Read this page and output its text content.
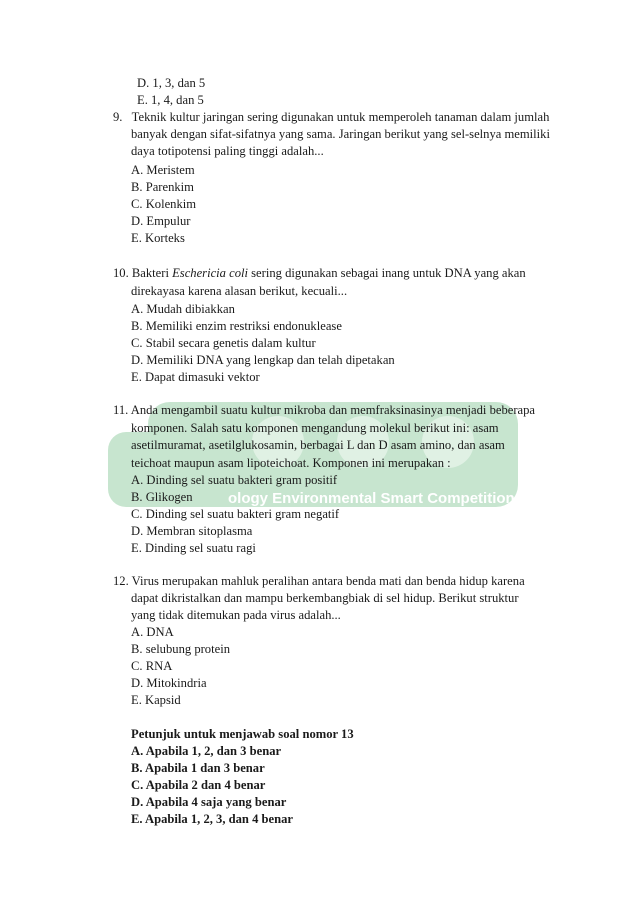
ology Environmental Smart Competition
D. 1, 3, dan 5
E. 1, 4, dan 5
9.   Teknik kultur jaringan sering digunakan untuk memperoleh tanaman dalam jumlah
banyak dengan sifat-sifatnya yang sama. Jaringan berikut yang sel-selnya memiliki
daya totipotensi paling tinggi adalah...
A. Meristem
B. Parenkim
C. Kolenkim
D. Empulur
E. Korteks
10. Bakteri Eschericia coli sering digunakan sebagai inang untuk DNA yang akan
direkayasa karena alasan berikut, kecuali...
A. Mudah dibiakkan
B. Memiliki enzim restriksi endonuklease
C. Stabil secara genetis dalam kultur
D. Memiliki DNA yang lengkap dan telah dipetakan
E. Dapat dimasuki vektor
11. Anda mengambil suatu kultur mikroba dan memfraksinasinya menjadi beberapa
komponen. Salah satu komponen mengandung molekul berikut ini: asam
asetilmuramat, asetilglukosamin, berbagai L dan D asam amino, dan asam
teichoat maupun asam lipoteichoat. Komponen ini merupakan :
A. Dinding sel suatu bakteri gram positif
B. Glikogen
C. Dinding sel suatu bakteri gram negatif
D. Membran sitoplasma
E. Dinding sel suatu ragi
12. Virus merupakan mahluk peralihan antara benda mati dan benda hidup karena
dapat dikristalkan dan mampu berkembangbiak di sel hidup. Berikut struktur
yang tidak ditemukan pada virus adalah...
A. DNA
B. selubung protein
C. RNA
D. Mitokindria
E. Kapsid
Petunjuk untuk menjawab soal nomor 13
A. Apabila 1, 2, dan 3 benar
B. Apabila 1 dan 3 benar
C. Apabila 2 dan 4 benar
D. Apabila 4 saja yang benar
E. Apabila 1, 2, 3, dan 4 benar
